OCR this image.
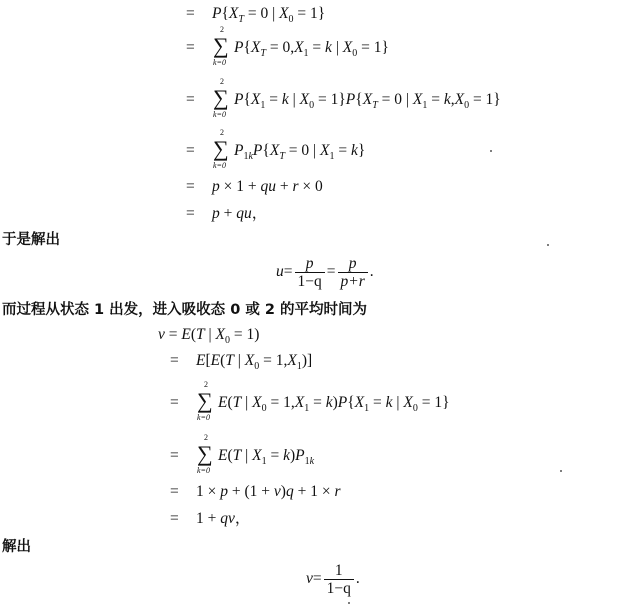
= $P\{X_T = 0$ | $X_0 = 1$}
=
2
∑
k=0
$P\{X_T = 0,X_1 = k$ | $X_0 = 1$}
=
2
∑
k=0
$P\{X_1 = k$ | $X_0 = 1\}P\{X_T = 0$ | $X_1 = k,X_0 = 1$}
=
2
∑
k=0
$P_{1k}P\{X_T = 0$ | $X_1 = k$}
= p × 1 + qu + r × 0
= p + qu，
于是解出
$u= \frac{p}{1-q} = \frac{p}{p+r}$ .
而过程从状态 1 出发，进入吸收态 0 或 2 的平均时间为
v = E(T | $X_0 = 1$)
= E[E(T | $X_0 = 1,X_1$)]
=
2
∑
k=0
E(T | $X_0 = 1,X_1 = k)P\{X_1 = k$ | $X_0 = 1$}
=
2
∑
k=0
E(T | $X_1 = k)P_{1k}$
= 1 × p + (1 + v)q + 1 × r
= 1 + qv，
解出
$v= \frac{1}{1-q}$ .
